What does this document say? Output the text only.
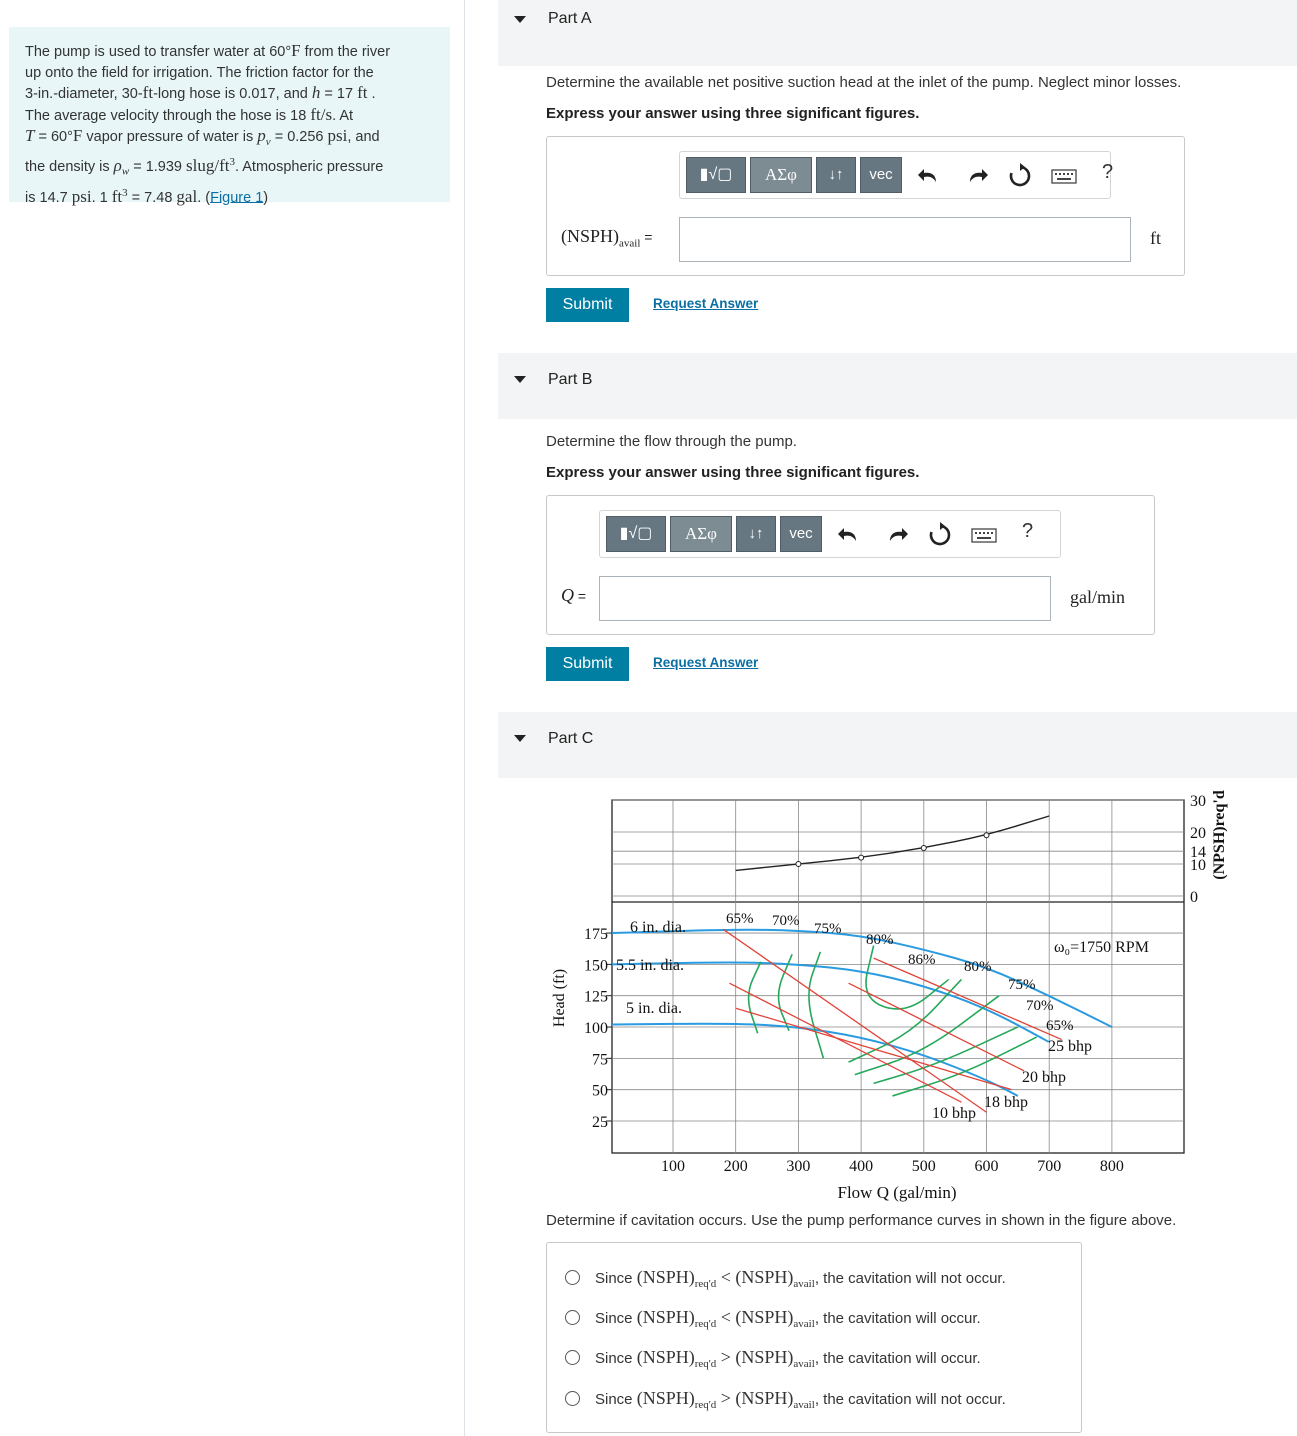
The pump is used to transfer water at 60°F from the river
up onto the field for irrigation. The friction factor for the
3-in.-diameter, 30-ft-long hose is 0.017, and h = 17 ft .
The average velocity through the hose is 18 ft/s. At
T = 60°F vapor pressure of water is $p_v = 0.256$ psi, and
the density is $\rho_w = 1.939$ slug/$ft^3$. Atmospheric pressure
is 14.7 psi. 1 $ft^3 = 7.48$ gal. (Figure 1)
Part A
Determine the available net positive suction head at the inlet of the pump. Neglect minor losses.
Express your answer using three significant figures.
▮√▢	ΑΣφ	↓↑	vec	?
$(NSPH)_{avail}$ =	ft
Submit	Request Answer
Part B
Determine the flow through the pump.
Express your answer using three significant figures.
▮√▢	ΑΣφ	↓↑	vec	?
Q =	gal/min
Submit	Request Answer
Part C
100 200 300 400 500 600 700 800
175
150
125
100
75
50
25
30
20
14
10
0
Head (ft)
Flow Q (gal/min)
(NPSH)req'd
ω₀=1750 RPM
6 in. dia.
5.5 in. dia.
5 in. dia.
65% 70% 75%
80%
86% 80%
75%
70%
65%
25 bhp
20 bhp
18 bhp
10 bhp
Determine if cavitation occurs. Use the pump performance curves in shown in the figure above.
Since $(NSPH)_{req'd}$ < $(NSPH)_{avail}$, the cavitation will not occur.
Since $(NSPH)_{req'd}$ < $(NSPH)_{avail}$, the cavitation will occur.
Since $(NSPH)_{req'd}$ > $(NSPH)_{avail}$, the cavitation will occur.
Since $(NSPH)_{req'd}$ > $(NSPH)_{avail}$, the cavitation will not occur.
